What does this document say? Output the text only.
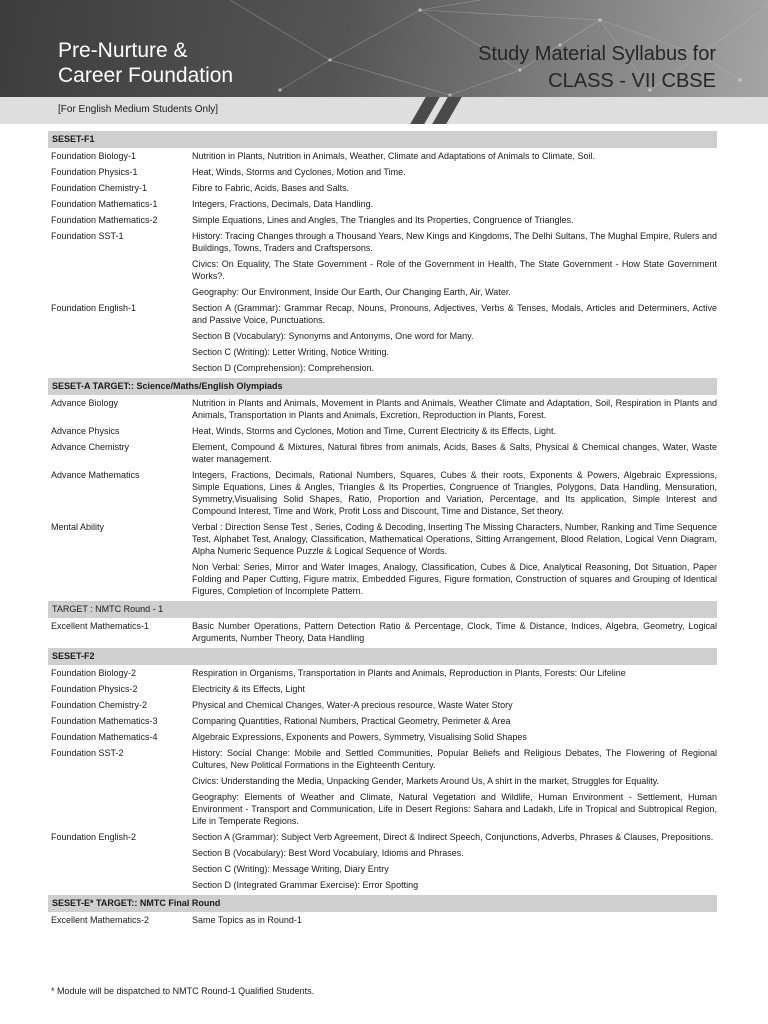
Pre-Nurture &
Career Foundation
Study Material Syllabus for
CLASS - VII CBSE
[For English Medium Students Only]
SESET-F1
Foundation Biology-1	Nutrition in Plants, Nutrition in Animals, Weather, Climate and Adaptations of Animals to Climate, Soil.
Foundation Physics-1	Heat, Winds, Storms and Cyclones, Motion and Time.
Foundation Chemistry-1	Fibre to Fabric, Acids, Bases and Salts.
Foundation Mathematics-1	Integers, Fractions, Decimals, Data Handling.
Foundation Mathematics-2	Simple Equations, Lines and Angles, The Triangles and Its Properties, Congruence of Triangles.
Foundation SST-1	History: Tracing Changes through a Thousand Years, New Kings and Kingdoms, The Delhi Sultans, The Mughal Empire, Rulers and Buildings, Towns, Traders and Craftspersons.
Civics: On Equality, The State Government - Role of the Government in Health, The State Government - How State Government Works?.
Geography: Our Environment, Inside Our Earth, Our Changing Earth, Air, Water.
Foundation English-1	Section A (Grammar): Grammar Recap, Nouns, Pronouns, Adjectives, Verbs & Tenses, Modals, Articles and Determiners, Active and Passive Voice, Punctuations.
Section B (Vocabulary): Synonyms and Antonyms, One word for Many.
Section C (Writing): Letter Writing, Notice Writing.
Section D (Comprehension): Comprehension.
SESET-A TARGET:: Science/Maths/English Olympiads
Advance Biology	Nutrition in Plants and Animals, Movement in Plants and Animals, Weather Climate and Adaptation, Soil, Respiration in Plants and Animals, Transportation in Plants and Animals, Excretion, Reproduction in Plants, Forest.
Advance Physics	Heat, Winds, Storms and Cyclones, Motion and Time, Current Electricity & its Effects, Light.
Advance Chemistry	Element, Compound & Mixtures, Natural fibres from animals, Acids, Bases & Salts, Physical & Chemical changes, Water, Waste water management.
Advance Mathematics	Integers, Fractions, Decimals, Rational Numbers, Squares, Cubes & their roots, Exponents & Powers, Algebraic Expressions, Simple Equations, Lines & Angles, Triangles & Its Properties, Congruence of Triangles, Polygons, Data Handling, Mensuration, Symmetry,Visualising Solid Shapes, Ratio, Proportion and Variation, Percentage, and Its application, Simple Interest and Compound Interest, Time and Work, Profit Loss and Discount, Time and Distance, Set theory.
Mental Ability	Verbal : Direction Sense Test , Series, Coding & Decoding, Inserting The Missing Characters, Number, Ranking and Time Sequence Test, Alphabet Test, Analogy, Classification, Mathematical Operations, Sitting Arrangement, Blood Relation, Logical Venn Diagram, Alpha Numeric Sequence Puzzle & Logical Sequence of Words.
Non Verbal: Series, Mirror and Water Images, Analogy, Classification, Cubes & Dice, Analytical Reasoning, Dot Situation, Paper Folding and Paper Cutting, Figure matrix, Embedded Figures, Figure formation, Construction of squares and Grouping of Identical Figures, Completion of Incomplete Pattern.
TARGET : NMTC Round - 1
Excellent Mathematics-1	Basic Number Operations, Pattern Detection Ratio & Percentage, Clock, Time & Distance, Indices, Algebra, Geometry, Logical Arguments, Number Theory, Data Handling
SESET-F2
Foundation Biology-2	Respiration in Organisms, Transportation in Plants and Animals, Reproduction in Plants, Forests: Our Lifeline
Foundation Physics-2	Electricity & its Effects, Light
Foundation Chemistry-2	Physical and Chemical Changes, Water-A precious resource, Waste Water Story
Foundation Mathematics-3	Comparing Quantities, Rational Numbers, Practical Geometry, Perimeter & Area
Foundation Mathematics-4	Algebraic Expressions, Exponents and Powers, Symmetry, Visualising Solid Shapes
Foundation SST-2	History: Social Change: Mobile and Settled Communities, Popular Beliefs and Religious Debates, The Flowering of Regional Cultures, New Political Formations in the Eighteenth Century.
Civics: Understanding the Media, Unpacking Gender, Markets Around Us, A shirt in the market, Struggles for Equality.
Geography: Elements of Weather and Climate, Natural Vegetation and Wildlife, Human Environment - Settlement, Human Environment - Transport and Communication, Life in Desert Regions: Sahara and Ladakh, Life in Tropical and Subtropical Region, Life in Temperate Regions.
Foundation English-2	Section A (Grammar): Subject Verb Agreement, Direct & Indirect Speech, Conjunctions, Adverbs, Phrases & Clauses, Prepositions.
Section B (Vocabulary): Best Word Vocabulary, Idioms and Phrases.
Section C (Writing): Message Writing, Diary Entry
Section D (Integrated Grammar Exercise): Error Spotting
SESET-E* TARGET:: NMTC Final Round
Excellent Mathematics-2	Same Topics as in Round-1
* Module will be dispatched to NMTC Round-1 Qualified Students.
